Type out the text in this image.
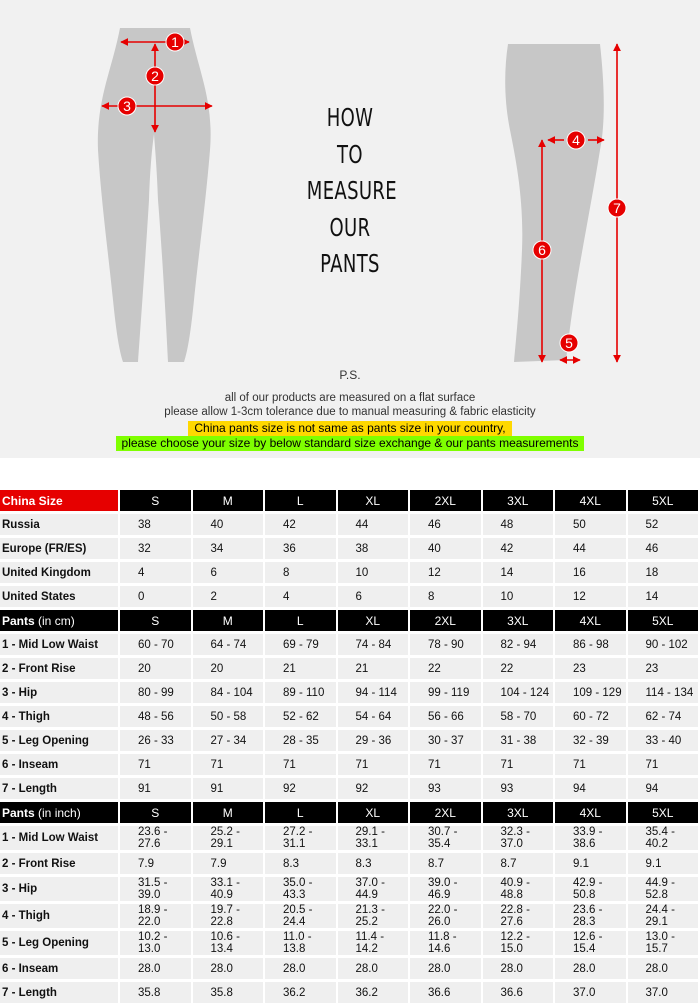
1
2
3
4
5
6
7
HOW
TO
MEASURE
OUR
PANTS
P.S.
all of our products are measured on a flat surface
please allow 1-3cm tolerance due to manual measuring & fabric elasticity
China pants size is not same as pants size in your country,
please choose your size by below standard size exchange & our pants measurements
China Size	S	M	L	XL	2XL	3XL	4XL	5XL
Russia	38	40	42	44	46	48	50	52
Europe (FR/ES)	32	34	36	38	40	42	44	46
United Kingdom	4	6	8	10	12	14	16	18
United States	0	2	4	6	8	10	12	14
Pants (in cm)	S	M	L	XL	2XL	3XL	4XL	5XL
1 - Mid Low Waist	60 - 70	64 - 74	69 - 79	74 - 84	78 - 90	82 - 94	86 - 98	90 - 102
2 - Front Rise	20	20	21	21	22	22	23	23
3 - Hip	80 - 99	84 - 104	89 - 110	94 - 114	99 - 119	104 - 124	109 - 129	114 - 134
4 - Thigh	48 - 56	50 - 58	52 - 62	54 - 64	56 - 66	58 - 70	60 - 72	62 - 74
5 - Leg Opening	26 - 33	27 - 34	28 - 35	29 - 36	30 - 37	31 - 38	32 - 39	33 - 40
6 - Inseam	71	71	71	71	71	71	71	71
7 - Length	91	91	92	92	93	93	94	94
Pants (in inch)	S	M	L	XL	2XL	3XL	4XL	5XL
1 - Mid Low Waist	23.6 - 27.6	25.2 - 29.1	27.2 - 31.1	29.1 - 33.1	30.7 - 35.4	32.3 - 37.0	33.9 - 38.6	35.4 - 40.2
2 - Front Rise	7.9	7.9	8.3	8.3	8.7	8.7	9.1	9.1
3 - Hip	31.5 - 39.0	33.1 - 40.9	35.0 - 43.3	37.0 - 44.9	39.0 - 46.9	40.9 - 48.8	42.9 - 50.8	44.9 - 52.8
4 - Thigh	18.9 - 22.0	19.7 - 22.8	20.5 - 24.4	21.3 - 25.2	22.0 - 26.0	22.8 - 27.6	23.6 - 28.3	24.4 - 29.1
5 - Leg Opening	10.2 - 13.0	10.6 - 13.4	11.0 - 13.8	11.4 - 14.2	11.8 - 14.6	12.2 - 15.0	12.6 - 15.4	13.0 - 15.7
6 - Inseam	28.0	28.0	28.0	28.0	28.0	28.0	28.0	28.0
7 - Length	35.8	35.8	36.2	36.2	36.6	36.6	37.0	37.0
